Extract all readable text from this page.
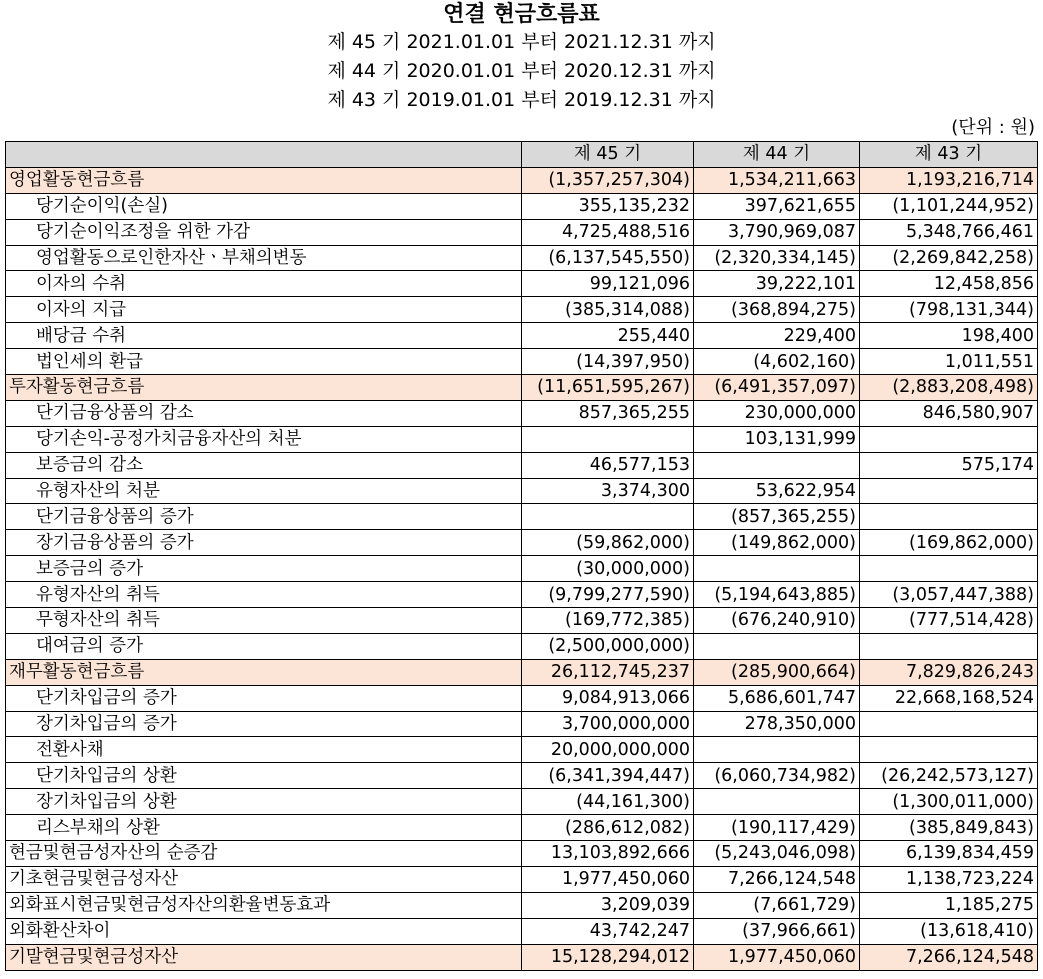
연결 현금흐름표
제 45 기 2021.01.01 부터 2021.12.31 까지
제 44 기 2020.01.01 부터 2020.12.31 까지
제 43 기 2019.01.01 부터 2019.12.31 까지
(단위 : 원)
	제 45 기	제 44 기	제 43 기
영업활동현금흐름	(1,357,257,304)	1,534,211,663	1,193,216,714
당기순이익(손실)	355,135,232	397,621,655	(1,101,244,952)
당기순이익조정을 위한 가감	4,725,488,516	3,790,969,087	5,348,766,461
영업활동으로인한자산ㆍ부채의변동	(6,137,545,550)	(2,320,334,145)	(2,269,842,258)
이자의 수취	99,121,096	39,222,101	12,458,856
이자의 지급	(385,314,088)	(368,894,275)	(798,131,344)
배당금 수취	255,440	229,400	198,400
법인세의 환급	(14,397,950)	(4,602,160)	1,011,551
투자활동현금흐름	(11,651,595,267)	(6,491,357,097)	(2,883,208,498)
단기금융상품의 감소	857,365,255	230,000,000	846,580,907
당기손익-공정가치금융자산의 처분		103,131,999	
보증금의 감소	46,577,153		575,174
유형자산의 처분	3,374,300	53,622,954	
단기금융상품의 증가		(857,365,255)	
장기금융상품의 증가	(59,862,000)	(149,862,000)	(169,862,000)
보증금의 증가	(30,000,000)		
유형자산의 취득	(9,799,277,590)	(5,194,643,885)	(3,057,447,388)
무형자산의 취득	(169,772,385)	(676,240,910)	(777,514,428)
대여금의 증가	(2,500,000,000)		
재무활동현금흐름	26,112,745,237	(285,900,664)	7,829,826,243
단기차입금의 증가	9,084,913,066	5,686,601,747	22,668,168,524
장기차입금의 증가	3,700,000,000	278,350,000	
전환사채	20,000,000,000		
단기차입금의 상환	(6,341,394,447)	(6,060,734,982)	(26,242,573,127)
장기차입금의 상환	(44,161,300)		(1,300,011,000)
리스부채의 상환	(286,612,082)	(190,117,429)	(385,849,843)
현금및현금성자산의 순증감	13,103,892,666	(5,243,046,098)	6,139,834,459
기초현금및현금성자산	1,977,450,060	7,266,124,548	1,138,723,224
외화표시현금및현금성자산의환율변동효과	3,209,039	(7,661,729)	1,185,275
외화환산차이	43,742,247	(37,966,661)	(13,618,410)
기말현금및현금성자산	15,128,294,012	1,977,450,060	7,266,124,548
